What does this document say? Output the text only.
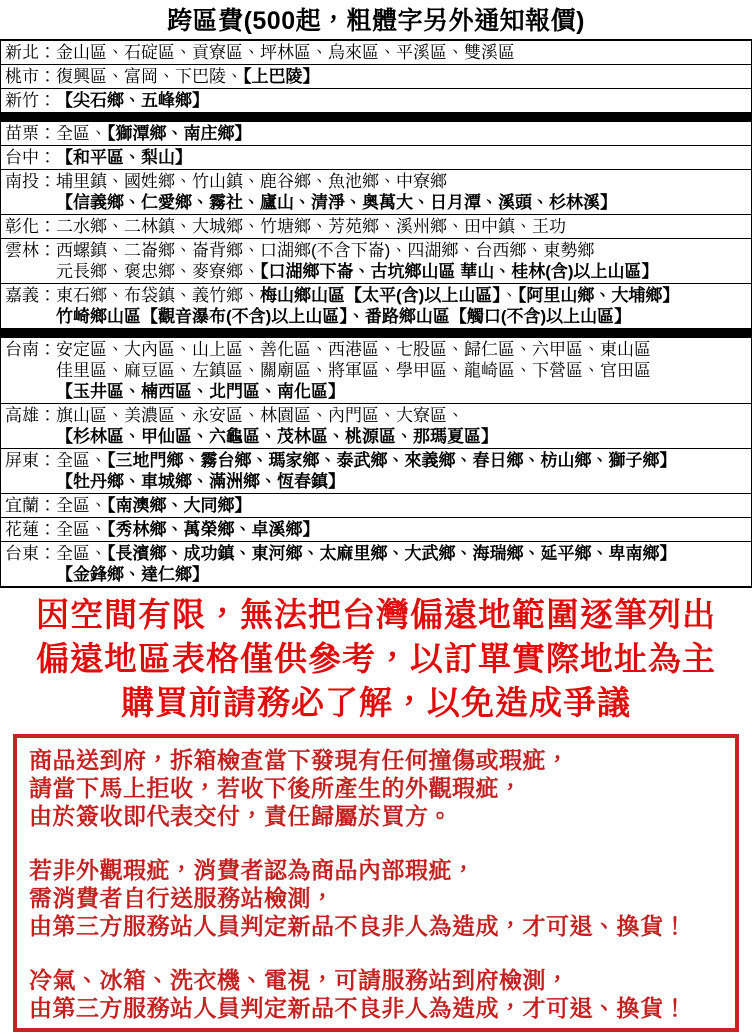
跨區費(500起，粗體字另外通知報價)
新北： 金山區、石碇區、貢寮區、坪林區、烏來區、平溪區、雙溪區
桃市： 復興區、富岡、下巴陵、【上巴陵】
新竹： 【尖石鄉、五峰鄉】
苗栗： 全區、【獅潭鄉、南庄鄉】
台中： 【和平區、梨山】
南投： 埔里鎮、國姓鄉、竹山鎮、鹿谷鄉、魚池鄉、中寮鄉
【信義鄉、仁愛鄉、霧社、廬山、清淨、奧萬大、日月潭、溪頭、杉林溪】
彰化： 二水鄉、二林鎮、大城鄉、竹塘鄉、芳苑鄉、溪州鄉、田中鎮、王功
雲林： 西螺鎮、二崙鄉、崙背鄉、口湖鄉(不含下崙)、四湖鄉、台西鄉、東勢鄉
元長鄉、褒忠鄉、麥寮鄉、【口湖鄉下崙、古坑鄉山區 華山、桂林(含)以上山區】
嘉義： 東石鄉、布袋鎮、義竹鄉、梅山鄉山區【太平(含)以上山區】、【阿里山鄉、大埔鄉】
竹崎鄉山區【觀音瀑布(不含)以上山區】、番路鄉山區【觸口(不含)以上山區】
台南： 安定區、大內區、山上區、善化區、西港區、七股區、歸仁區、六甲區、東山區
佳里區、麻豆區、左鎮區、關廟區、將軍區、學甲區、龍崎區、下營區、官田區
【玉井區、楠西區、北門區、南化區】
高雄： 旗山區、美濃區、永安區、林園區、內門區、大寮區、
【杉林區、甲仙區、六龜區、茂林區、桃源區、那瑪夏區】
屏東： 全區、【三地門鄉、霧台鄉、瑪家鄉、泰武鄉、來義鄉、春日鄉、枋山鄉、獅子鄉】
【牡丹鄉、車城鄉、滿洲鄉、恆春鎮】
宜蘭： 全區、【南澳鄉、大同鄉】
花蓮： 全區、【秀林鄉、萬榮鄉、卓溪鄉】
台東： 全區、【長濱鄉、成功鎮、東河鄉、太麻里鄉、大武鄉、海瑞鄉、延平鄉、卑南鄉】
【金鋒鄉、達仁鄉】
因空間有限，無法把台灣偏遠地範圍逐筆列出
偏遠地區表格僅供參考，以訂單實際地址為主
購買前請務必了解，以免造成爭議
商品送到府，拆箱檢查當下發現有任何撞傷或瑕疵，
請當下馬上拒收，若收下後所產生的外觀瑕疵，
由於簽收即代表交付，責任歸屬於買方。
若非外觀瑕疵，消費者認為商品內部瑕疵，
需消費者自行送服務站檢測，
由第三方服務站人員判定新品不良非人為造成，才可退、換貨！
冷氣、冰箱、洗衣機、電視，可請服務站到府檢測，
由第三方服務站人員判定新品不良非人為造成，才可退、換貨！
